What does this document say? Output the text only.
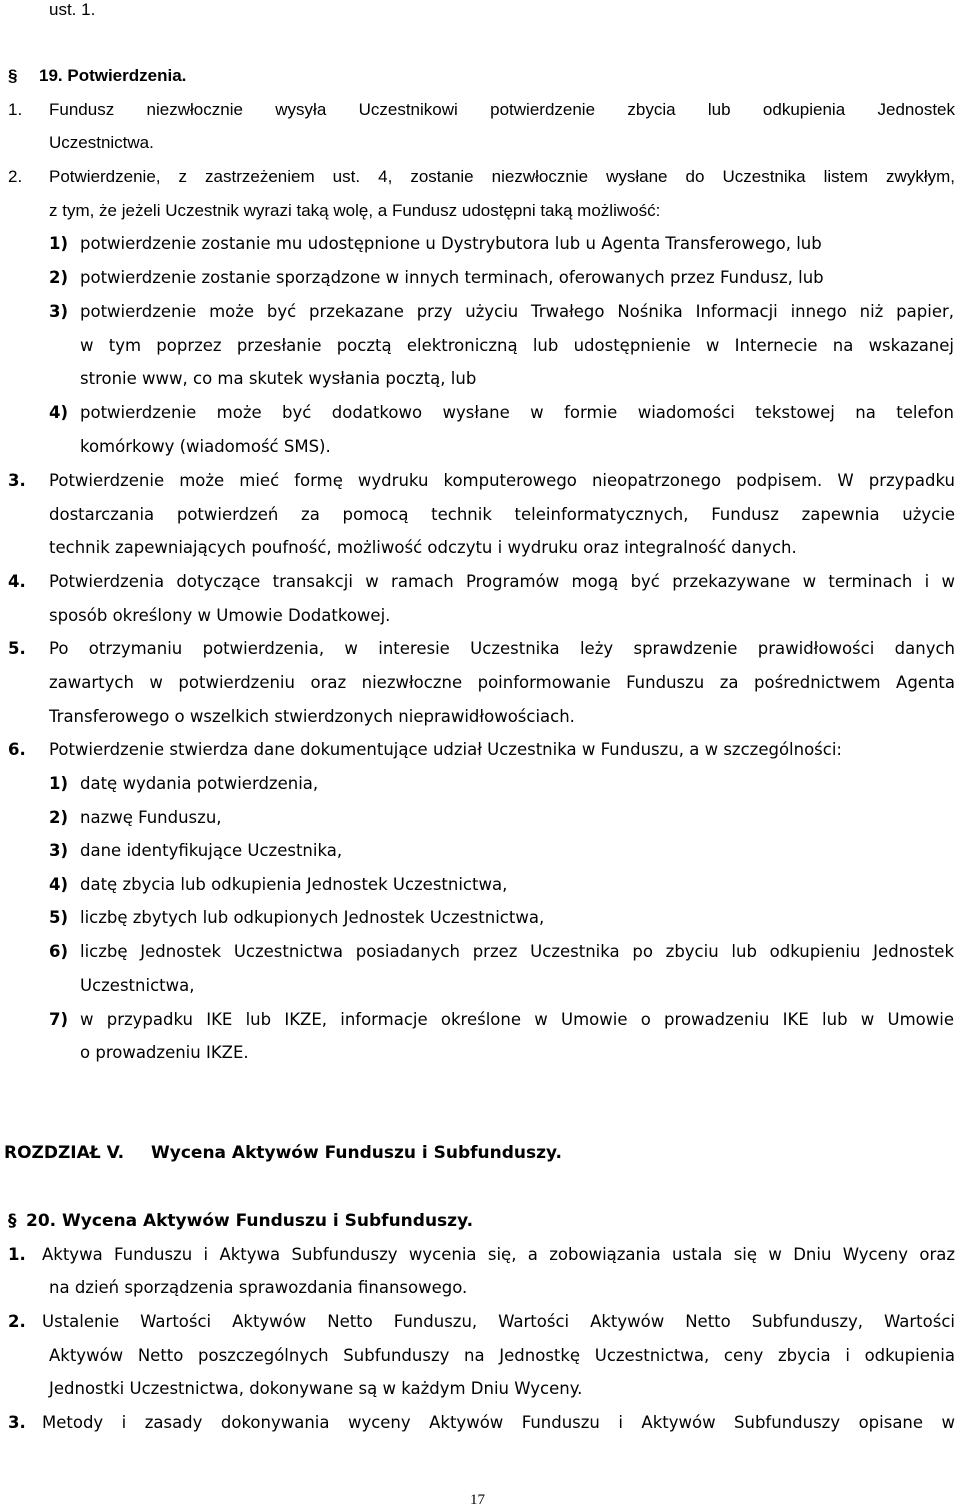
ust. 1.
§ 19. Potwierdzenia.
1. Fundusz niezwłocznie wysyła Uczestnikowi potwierdzenie zbycia lub odkupienia Jednostek
Uczestnictwa.
2. Potwierdzenie, z zastrzeżeniem ust. 4, zostanie niezwłocznie wysłane do Uczestnika listem zwykłym,
z tym, że jeżeli Uczestnik wyrazi taką wolę, a Fundusz udostępni taką możliwość:
1) potwierdzenie zostanie mu udostępnione u Dystrybutora lub u Agenta Transferowego, lub
2) potwierdzenie zostanie sporządzone w innych terminach, oferowanych przez Fundusz, lub
3) potwierdzenie może być przekazane przy użyciu Trwałego Nośnika Informacji innego niż papier,
w tym poprzez przesłanie pocztą elektroniczną lub udostępnienie w Internecie na wskazanej
stronie www, co ma skutek wysłania pocztą, lub
4) potwierdzenie może być dodatkowo wysłane w formie wiadomości tekstowej na telefon
komórkowy (wiadomość SMS).
3. Potwierdzenie może mieć formę wydruku komputerowego nieopatrzonego podpisem. W przypadku
dostarczania potwierdzeń za pomocą technik teleinformatycznych, Fundusz zapewnia użycie
technik zapewniających poufność, możliwość odczytu i wydruku oraz integralność danych.
4. Potwierdzenia dotyczące transakcji w ramach Programów mogą być przekazywane w terminach i w
sposób określony w Umowie Dodatkowej.
5. Po otrzymaniu potwierdzenia, w interesie Uczestnika leży sprawdzenie prawidłowości danych
zawartych w potwierdzeniu oraz niezwłoczne poinformowanie Funduszu za pośrednictwem Agenta
Transferowego o wszelkich stwierdzonych nieprawidłowościach.
6. Potwierdzenie stwierdza dane dokumentujące udział Uczestnika w Funduszu, a w szczególności:
1) datę wydania potwierdzenia,
2) nazwę Funduszu,
3) dane identyfikujące Uczestnika,
4) datę zbycia lub odkupienia Jednostek Uczestnictwa,
5) liczbę zbytych lub odkupionych Jednostek Uczestnictwa,
6) liczbę Jednostek Uczestnictwa posiadanych przez Uczestnika po zbyciu lub odkupieniu Jednostek
Uczestnictwa,
7) w przypadku IKE lub IKZE, informacje określone w Umowie o prowadzeniu IKE lub w Umowie
o prowadzeniu IKZE.
ROZDZIAŁ V. Wycena Aktywów Funduszu i Subfunduszy.
§ 20. Wycena Aktywów Funduszu i Subfunduszy.
1. Aktywa Funduszu i Aktywa Subfunduszy wycenia się, a zobowiązania ustala się w Dniu Wyceny oraz
na dzień sporządzenia sprawozdania finansowego.
2. Ustalenie Wartości Aktywów Netto Funduszu, Wartości Aktywów Netto Subfunduszy, Wartości
Aktywów Netto poszczególnych Subfunduszy na Jednostkę Uczestnictwa, ceny zbycia i odkupienia
Jednostki Uczestnictwa, dokonywane są w każdym Dniu Wyceny.
3. Metody i zasady dokonywania wyceny Aktywów Funduszu i Aktywów Subfunduszy opisane w
17
